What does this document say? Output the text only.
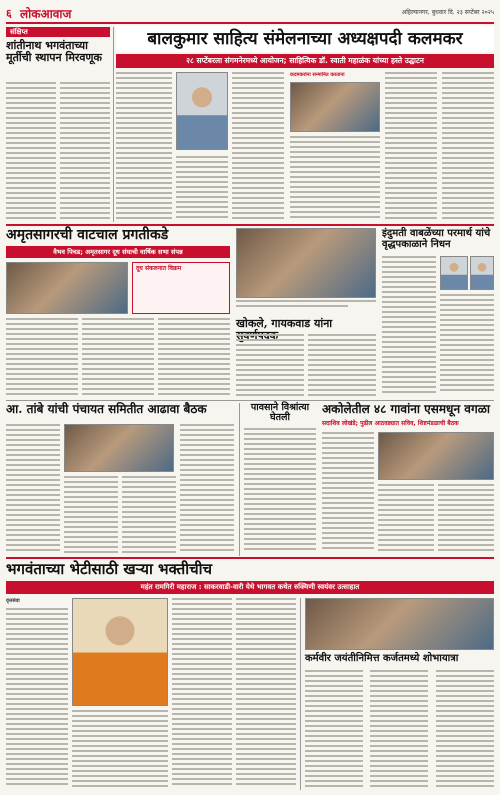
६ लोकआवाज	अहिल्यानगर, बुधवार दि. २३ सप्टेंबर २०२५
संक्षिप्त
शांतीनाथ भगवंताच्या मूर्तीची स्थापन मिरवणूक
बालकुमार साहित्य संमेलनाच्या अध्यक्षपदी कलमकर
२८ सप्टेंबरला संगमनेरमध्ये आयोजन; साहित्यिक डॉ. स्वाती महाळंक यांच्या हस्ते उद्घाटन
कदमकरांना सन्मानित करताना
अमृतसागरची वाटचाल प्रगतीकडे
वैभव पिचड; अमृतसागर दूध संघाची वार्षिक सभा संपन्न
दूध संकलनात विक्रम
खोकले, गायकवाड यांना
इंदुमती वाबळेंच्या परमार्थ यांचे वृद्धपकाळाने निधन
आ. तांबे यांची पंचायत समितीत आढावा बैठक	पावसाने विश्रांत्या घेतली
अकोलेतील ४८ गावांना एसमधून वगळा
सदाशिव लोखंडे; पुढील आठवड्यात सविव, शिष्टमंडळाची बैठक
भगवंताच्या भेटीसाठी खऱ्या भक्तीचीच
महंत रामगिरी महाराज : साकरवाडी-वारी येथे भागवत कथेत रुक्मिणी स्वयंवर उत्साहात
वृत्तसेवा
कर्मवीर जयंतीनिमित्त कर्जतमध्ये शोभायात्रा
